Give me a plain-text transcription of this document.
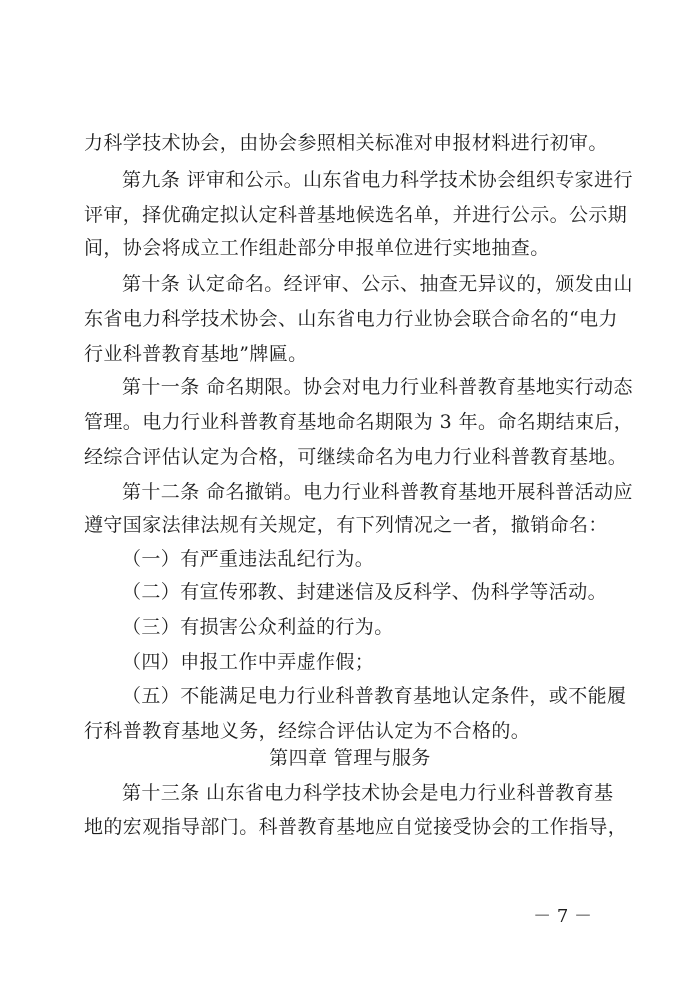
力科学技术协会，由协会参照相关标准对申报材料进行初审。
第九条 评审和公示。山东省电力科学技术协会组织专家进行
评审，择优确定拟认定科普基地候选名单，并进行公示。公示期
间，协会将成立工作组赴部分申报单位进行实地抽查。
第十条 认定命名。经评审、公示、抽查无异议的，颁发由山
东省电力科学技术协会、山东省电力行业协会联合命名的“电力
行业科普教育基地”牌匾。
第十一条 命名期限。协会对电力行业科普教育基地实行动态
管理。电力行业科普教育基地命名期限为 3 年。命名期结束后，
经综合评估认定为合格，可继续命名为电力行业科普教育基地。
第十二条 命名撤销。电力行业科普教育基地开展科普活动应
遵守国家法律法规有关规定，有下列情况之一者，撤销命名：
（一）有严重违法乱纪行为。
（二）有宣传邪教、封建迷信及反科学、伪科学等活动。
（三）有损害公众利益的行为。
（四）申报工作中弄虚作假；
（五）不能满足电力行业科普教育基地认定条件，或不能履
行科普教育基地义务，经综合评估认定为不合格的。
第四章 管理与服务
第十三条 山东省电力科学技术协会是电力行业科普教育基
地的宏观指导部门。科普教育基地应自觉接受协会的工作指导，
－ 7 －
